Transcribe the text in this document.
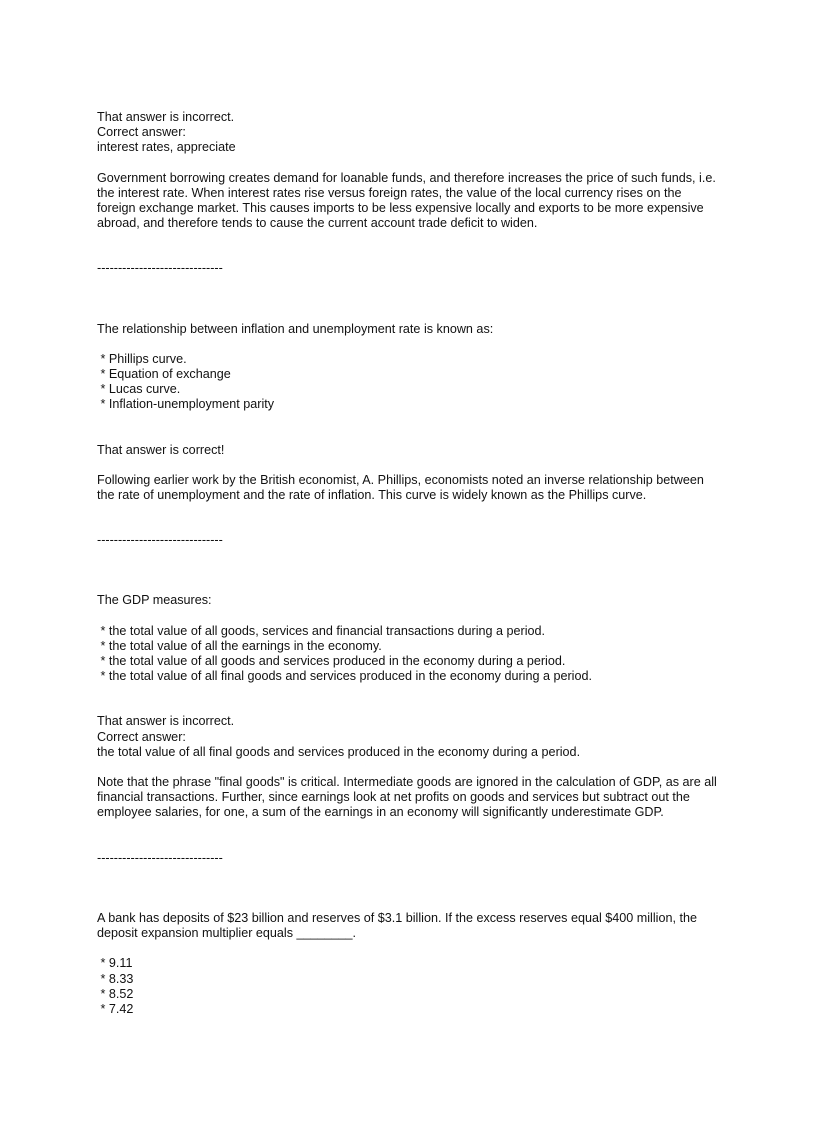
That answer is incorrect.

Correct answer:

interest rates, appreciate

Government borrowing creates demand for loanable funds, and therefore increases the price of such funds, i.e. the interest rate. When interest rates rise versus foreign rates, the value of the local currency rises on the foreign exchange market. This causes imports to be less expensive locally and exports to be more expensive abroad, and therefore tends to cause the current account trade deficit to widen.

------------------------------

The relationship between inflation and unemployment rate is known as:

* Phillips curve.

* Equation of exchange

* Lucas curve.

* Inflation-unemployment parity

That answer is correct!

Following earlier work by the British economist, A. Phillips, economists noted an inverse relationship between the rate of unemployment and the rate of inflation. This curve is widely known as the Phillips curve.

------------------------------

The GDP measures:

* the total value of all goods, services and financial transactions during a period.

* the total value of all the earnings in the economy.

* the total value of all goods and services produced in the economy during a period.

* the total value of all final goods and services produced in the economy during a period.

That answer is incorrect.

Correct answer:

the total value of all final goods and services produced in the economy during a period.

Note that the phrase "final goods" is critical. Intermediate goods are ignored in the calculation of GDP, as are all financial transactions. Further, since earnings look at net profits on goods and services but subtract out the employee salaries, for one, a sum of the earnings in an economy will significantly underestimate GDP.

------------------------------

A bank has deposits of $23 billion and reserves of $3.1 billion. If the excess reserves equal $400 million, the deposit expansion multiplier equals ________.

* 9.11

* 8.33

* 8.52

* 7.42
